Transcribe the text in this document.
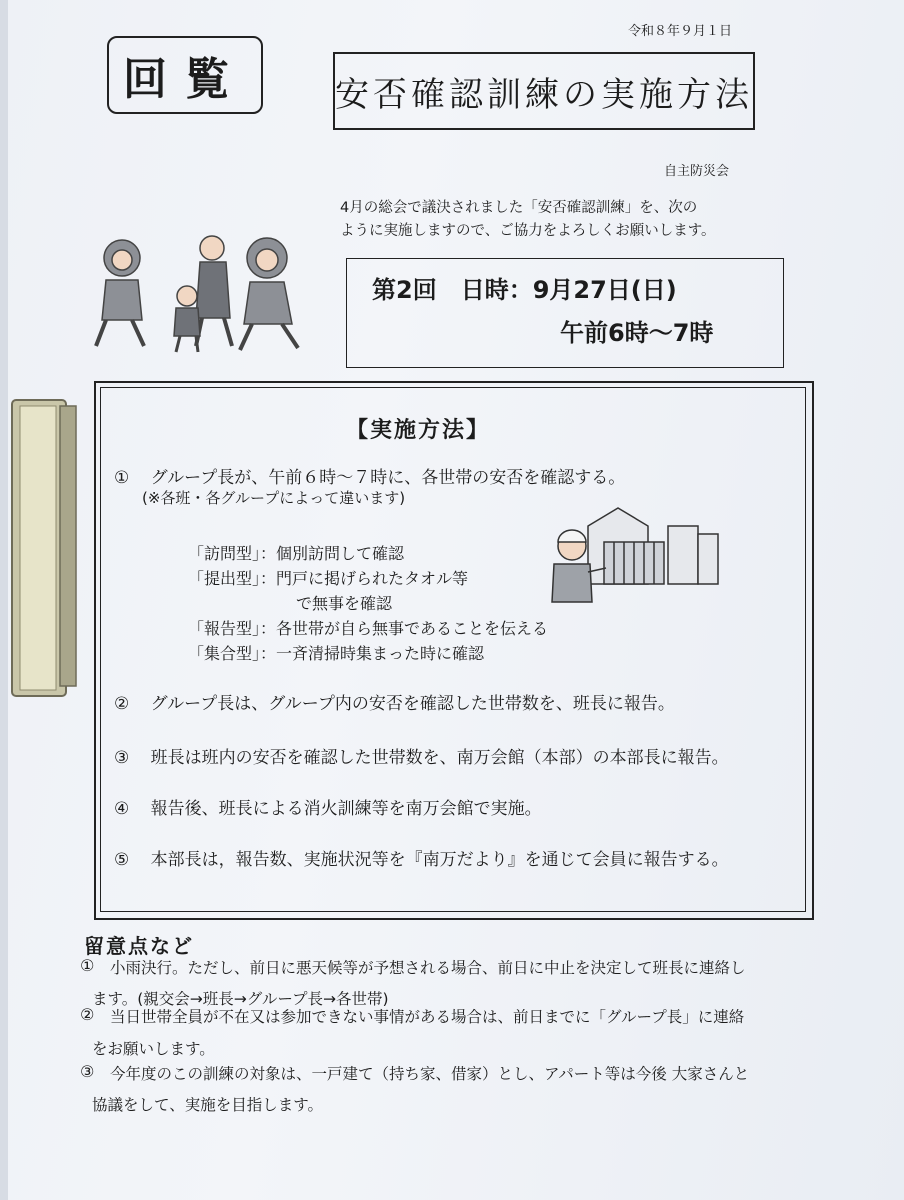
令和８年９月１日
回覧	安否確認訓練の実施方法
自主防災会
4月の総会で議決されました「安否確認訓練」を、次の
ように実施しますので、ご協力をよろしくお願いします。
第2回　日時：9月27日(日)
午前6時～7時
【実施方法】
① グループ長が、午前６時～７時に、各世帯の安否を確認する。
(※各班・各グループによって違います)
「訪問型」：個別訪問して確認
「提出型」：門戸に掲げられたタオル等
で無事を確認
「報告型」：各世帯が自ら無事であることを伝える
「集合型」：一斉清掃時集まった時に確認
② グループ長は、グループ内の安否を確認した世帯数を、班長に報告。
③ 班長は班内の安否を確認した世帯数を、南万会館（本部）の本部長に報告。
④ 報告後、班長による消火訓練等を南万会館で実施。
⑤ 本部長は，報告数、実施状況等を『南万だより』を通じて会員に報告する。
留意点など
① 小雨決行。ただし、前日に悪天候等が予想される場合、前日に中止を決定して班長に連絡し
ます。(親交会→班長→グループ長→各世帯)
② 当日世帯全員が不在又は参加できない事情がある場合は、前日までに「グループ長」に連絡
をお願いします。
③ 今年度のこの訓練の対象は、一戸建て（持ち家、借家）とし、アパート等は今後 大家さんと
協議をして、実施を目指します。
